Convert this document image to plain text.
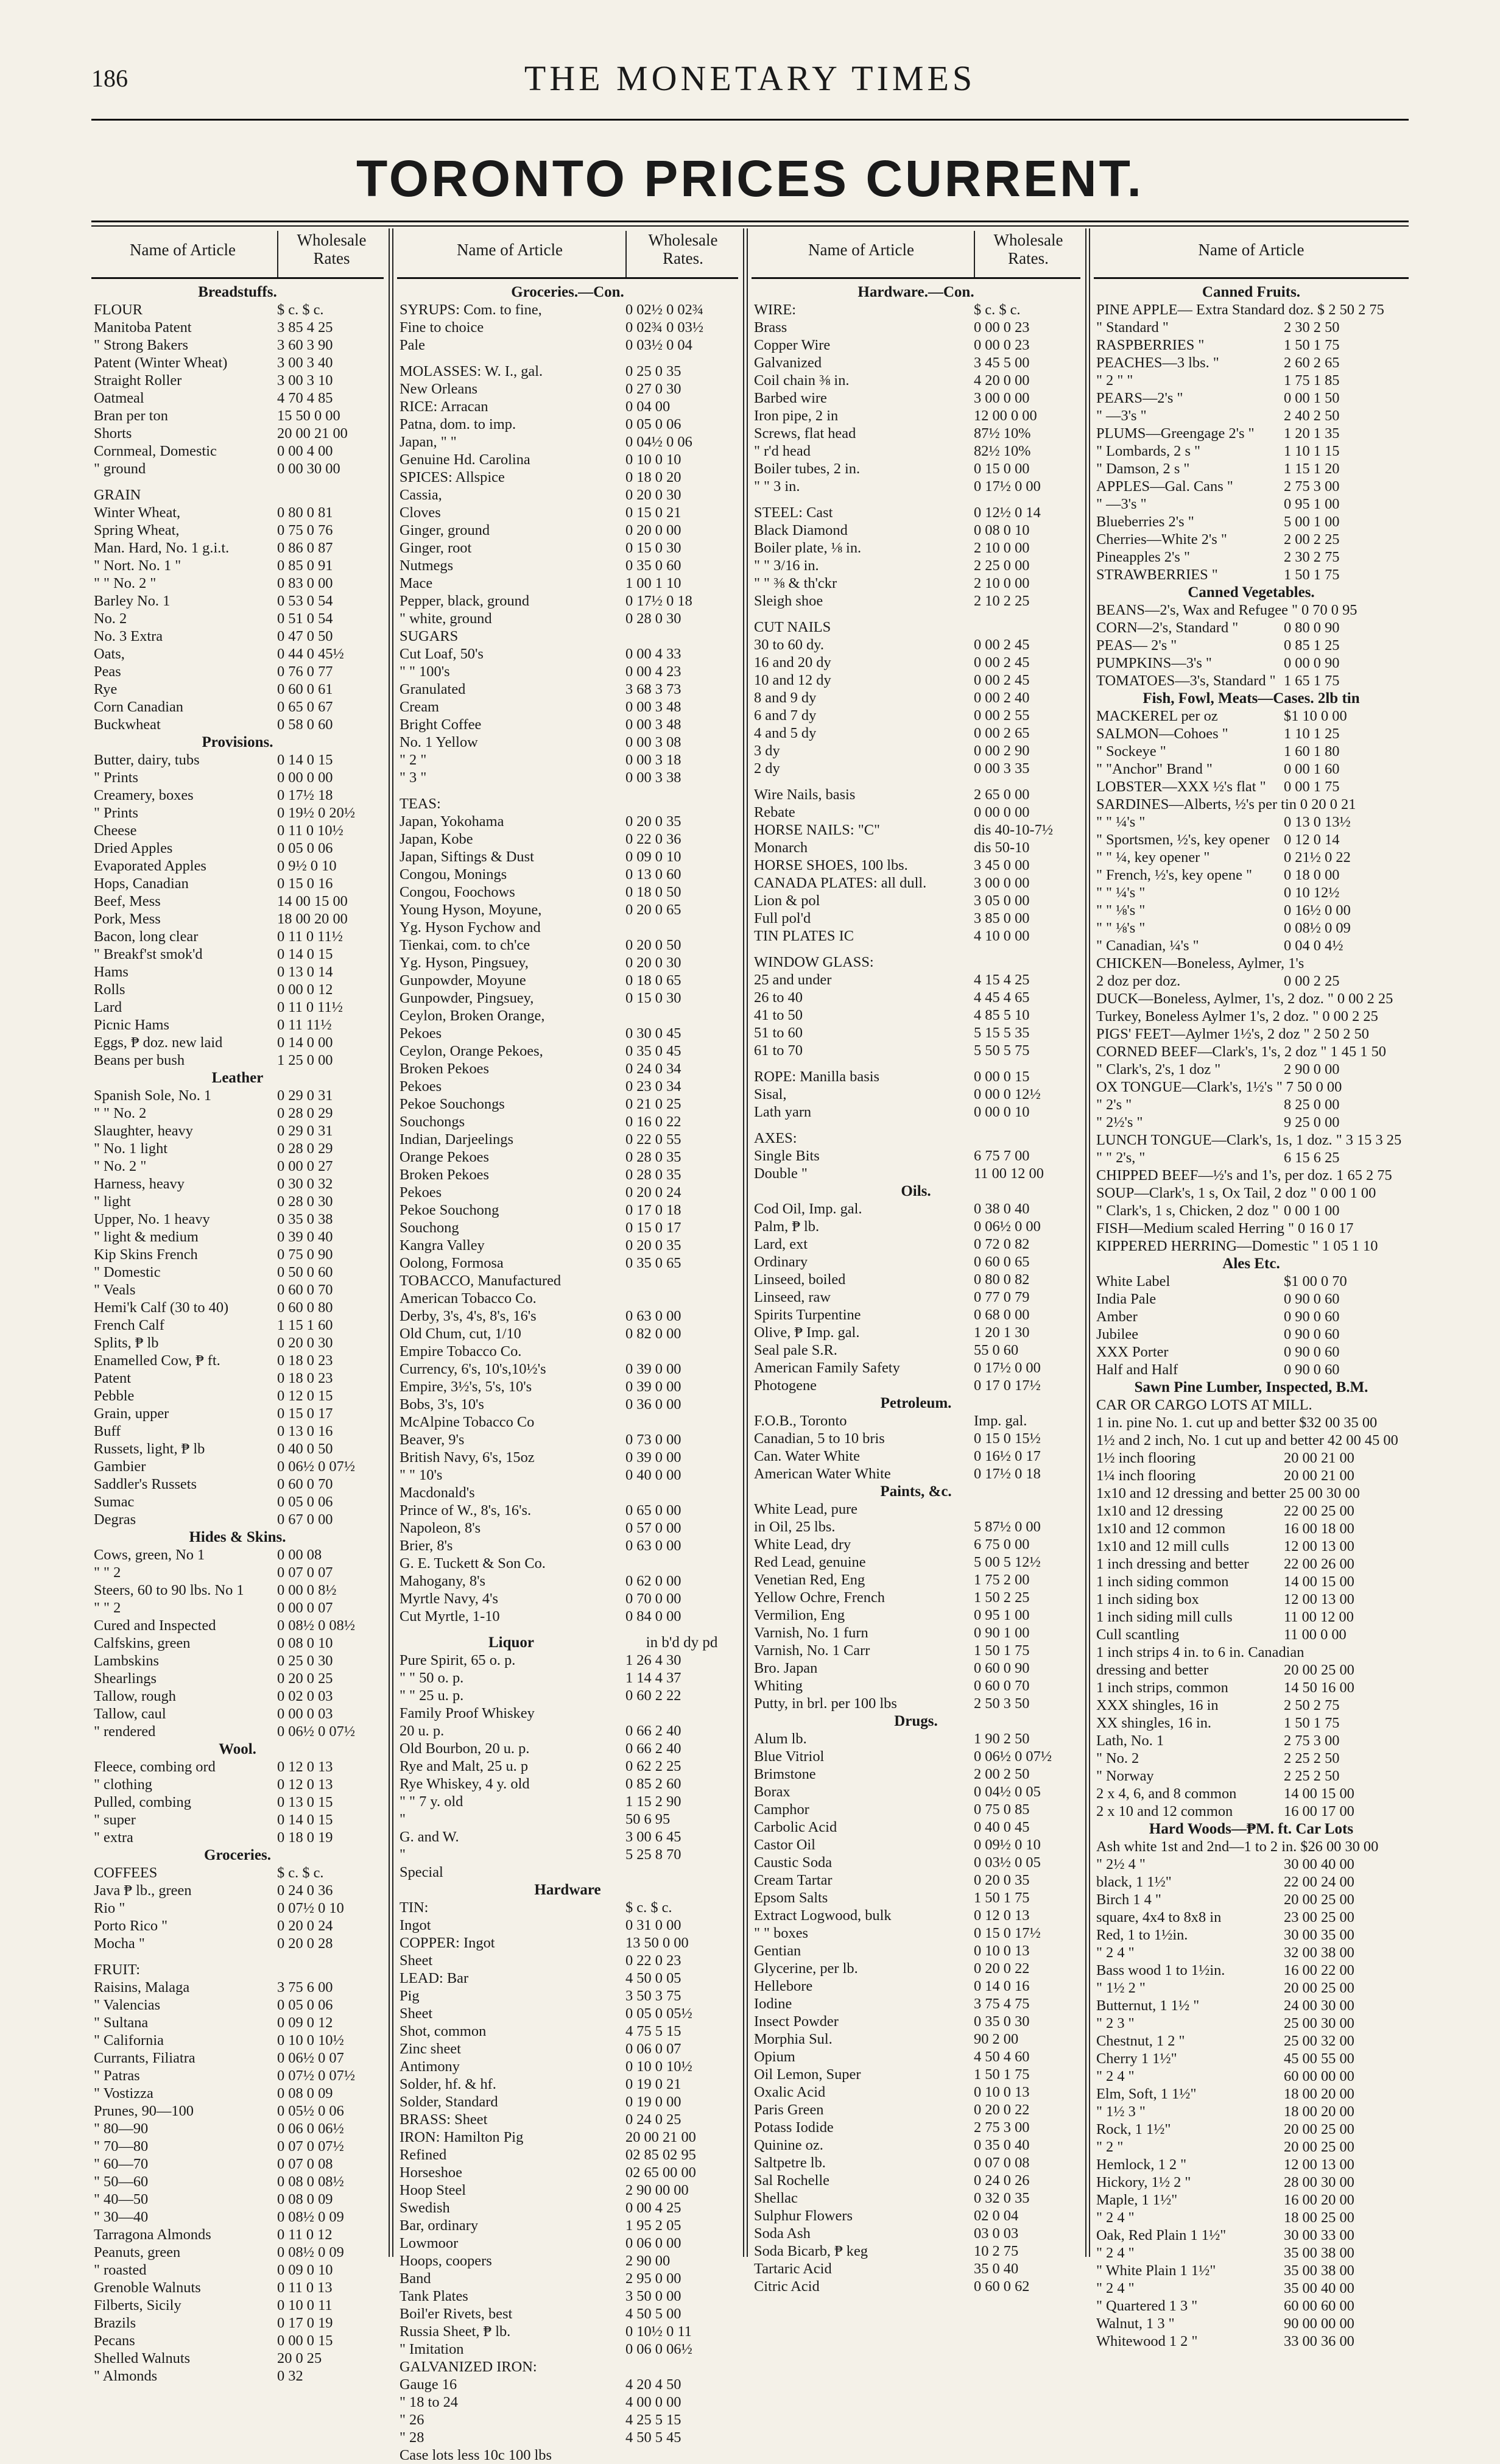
186	THE MONETARY TIMES
TORONTO PRICES CURRENT.
Name of Article
Wholesale Rates
Breadstuffs.
FLOUR	$ c. $ c.
Manitoba Patent	3 85 4 25
" Strong Bakers	3 60 3 90
Patent (Winter Wheat)	3 00 3 40
Straight Roller	3 00 3 10
Oatmeal	4 70 4 85
Bran per ton	15 50 0 00
Shorts	20 00 21 00
Cornmeal, Domestic	0 00 4 00
" ground	0 00 30 00
GRAIN
Winter Wheat,	0 80 0 81
Spring Wheat,	0 75 0 76
Man. Hard, No. 1 g.i.t.	0 86 0 87
" Nort. No. 1 "	0 85 0 91
" " No. 2 "	0 83 0 00
Barley No. 1	0 53 0 54
No. 2	0 51 0 54
No. 3 Extra	0 47 0 50
Oats,	0 44 0 45½
Peas	0 76 0 77
Rye	0 60 0 61
Corn Canadian	0 65 0 67
Buckwheat	0 58 0 60
Provisions.
Butter, dairy, tubs	0 14 0 15
" Prints	0 00 0 00
Creamery, boxes	0 17½ 18
" Prints	0 19½ 0 20½
Cheese	0 11 0 10½
Dried Apples	0 05 0 06
Evaporated Apples	0 9½ 0 10
Hops, Canadian	0 15 0 16
Beef, Mess	14 00 15 00
Pork, Mess	18 00 20 00
Bacon, long clear	0 11 0 11½
" Breakf'st smok'd	0 14 0 15
Hams	0 13 0 14
Rolls	0 00 0 12
Lard	0 11 0 11½
Picnic Hams	0 11 11½
Eggs, ₱ doz. new laid	0 14 0 00
Beans per bush	1 25 0 00
Leather
Spanish Sole, No. 1	0 29 0 31
" " No. 2	0 28 0 29
Slaughter, heavy	0 29 0 31
" No. 1 light	0 28 0 29
" No. 2 "	0 00 0 27
Harness, heavy	0 30 0 32
" light	0 28 0 30
Upper, No. 1 heavy	0 35 0 38
" light & medium	0 39 0 40
Kip Skins French	0 75 0 90
" Domestic	0 50 0 60
" Veals	0 60 0 70
Hemi'k Calf (30 to 40)	0 60 0 80
French Calf	1 15 1 60
Splits, ₱ lb	0 20 0 30
Enamelled Cow, ₱ ft.	0 18 0 23
Patent	0 18 0 23
Pebble	0 12 0 15
Grain, upper	0 15 0 17
Buff	0 13 0 16
Russets, light, ₱ lb	0 40 0 50
Gambier	0 06½ 0 07½
Saddler's Russets	0 60 0 70
Sumac	0 05 0 06
Degras	0 67 0 00
Hides & Skins.
Cows, green, No 1	0 00 08
" " 2	0 07 0 07
Steers, 60 to 90 lbs. No 1	0 00 0 8½
" " 2	0 00 0 07
Cured and Inspected	0 08½ 0 08½
Calfskins, green	0 08 0 10
Lambskins	0 25 0 30
Shearlings	0 20 0 25
Tallow, rough	0 02 0 03
Tallow, caul	0 00 0 03
" rendered	0 06½ 0 07½
Wool.
Fleece, combing ord	0 12 0 13
" clothing	0 12 0 13
Pulled, combing	0 13 0 15
" super	0 14 0 15
" extra	0 18 0 19
Groceries.
COFFEES	$ c. $ c.
Java ₱ lb., green	0 24 0 36
Rio "	0 07½ 0 10
Porto Rico "	0 20 0 24
Mocha "	0 20 0 28
FRUIT:
Raisins, Malaga	3 75 6 00
" Valencias	0 05 0 06
" Sultana	0 09 0 12
" California	0 10 0 10½
Currants, Filiatra	0 06½ 0 07
" Patras	0 07½ 0 07½
" Vostizza	0 08 0 09
Prunes, 90—100	0 05½ 0 06
" 80—90	0 06 0 06½
" 70—80	0 07 0 07½
" 60—70	0 07 0 08
" 50—60	0 08 0 08½
" 40—50	0 08 0 09
" 30—40	0 08½ 0 09
Tarragona Almonds	0 11 0 12
Peanuts, green	0 08½ 0 09
" roasted	0 09 0 10
Grenoble Walnuts	0 11 0 13
Filberts, Sicily	0 10 0 11
Brazils	0 17 0 19
Pecans	0 00 0 15
Shelled Walnuts	20 0 25
" Almonds	0 32
Name of Article
Wholesale Rates.
Groceries.—Con.
SYRUPS: Com. to fine,	0 02½ 0 02¾
Fine to choice	0 02¾ 0 03½
Pale	0 03½ 0 04
MOLASSES: W. I., gal.	0 25 0 35
New Orleans	0 27 0 30
RICE: Arracan	0 04 00
Patna, dom. to imp.	0 05 0 06
Japan, " "	0 04½ 0 06
Genuine Hd. Carolina	0 10 0 10
SPICES: Allspice	0 18 0 20
Cassia,	0 20 0 30
Cloves	0 15 0 21
Ginger, ground	0 20 0 00
Ginger, root	0 15 0 30
Nutmegs	0 35 0 60
Mace	1 00 1 10
Pepper, black, ground	0 17½ 0 18
" white, ground	0 28 0 30
SUGARS
Cut Loaf, 50's	0 00 4 33
" " 100's	0 00 4 23
Granulated	3 68 3 73
Cream	0 00 3 48
Bright Coffee	0 00 3 48
No. 1 Yellow	0 00 3 08
" 2 "	0 00 3 18
" 3 "	0 00 3 38
TEAS:
Japan, Yokohama	0 20 0 35
Japan, Kobe	0 22 0 36
Japan, Siftings & Dust	0 09 0 10
Congou, Monings	0 13 0 60
Congou, Foochows	0 18 0 50
Young Hyson, Moyune,	0 20 0 65
Yg. Hyson Fychow and
Tienkai, com. to ch'ce	0 20 0 50
Yg. Hyson, Pingsuey,	0 20 0 30
Gunpowder, Moyune	0 18 0 65
Gunpowder, Pingsuey,	0 15 0 30
Ceylon, Broken Orange,
Pekoes	0 30 0 45
Ceylon, Orange Pekoes,	0 35 0 45
Broken Pekoes	0 24 0 34
Pekoes	0 23 0 34
Pekoe Souchongs	0 21 0 25
Souchongs	0 16 0 22
Indian, Darjeelings	0 22 0 55
Orange Pekoes	0 28 0 35
Broken Pekoes	0 28 0 35
Pekoes	0 20 0 24
Pekoe Souchong	0 17 0 18
Souchong	0 15 0 17
Kangra Valley	0 20 0 35
Oolong, Formosa	0 35 0 65
TOBACCO, Manufactured
American Tobacco Co.
Derby, 3's, 4's, 8's, 16's	0 63 0 00
Old Chum, cut, 1/10	0 82 0 00
Empire Tobacco Co.
Currency, 6's, 10's,10½'s	0 39 0 00
Empire, 3½'s, 5's, 10's	0 39 0 00
Bobs, 3's, 10's	0 36 0 00
McAlpine Tobacco Co
Beaver, 9's	0 73 0 00
British Navy, 6's, 15oz	0 39 0 00
" " 10's	0 40 0 00
Macdonald's
Prince of W., 8's, 16's.	0 65 0 00
Napoleon, 8's	0 57 0 00
Brier, 8's	0 63 0 00
G. E. Tuckett & Son Co.
Mahogany, 8's	0 62 0 00
Myrtle Navy, 4's	0 70 0 00
Cut Myrtle, 1-10	0 84 0 00
Liquor	in b'd dy pd
Pure Spirit, 65 o. p.	1 26 4 30
" " 50 o. p.	1 14 4 37
" " 25 u. p.	0 60 2 22
Family Proof Whiskey
20 u. p.	0 66 2 40
Old Bourbon, 20 u. p.	0 66 2 40
Rye and Malt, 25 u. p	0 62 2 25
Rye Whiskey, 4 y. old	0 85 2 60
" " 7 y. old	1 15 2 90
"	50 6 95
G. and W.	3 00 6 45
"	5 25 8 70
Special
Hardware
TIN:	$ c. $ c.
Ingot	0 31 0 00
COPPER: Ingot	13 50 0 00
Sheet	0 22 0 23
LEAD: Bar	4 50 0 05
Pig	3 50 3 75
Sheet	0 05 0 05½
Shot, common	4 75 5 15
Zinc sheet	0 06 0 07
Antimony	0 10 0 10½
Solder, hf. & hf.	0 19 0 21
Solder, Standard	0 19 0 00
BRASS: Sheet	0 24 0 25
IRON: Hamilton Pig	20 00 21 00
Refined	02 85 02 95
Horseshoe	02 65 00 00
Hoop Steel	2 90 00 00
Swedish	0 00 4 25
Bar, ordinary	1 95 2 05
Lowmoor	0 06 0 00
Hoops, coopers	2 90 00
Band	2 95 0 00
Tank Plates	3 50 0 00
Boil'er Rivets, best	4 50 5 00
Russia Sheet, ₱ lb.	0 10½ 0 11
" Imitation	0 06 0 06½
GALVANIZED IRON:
Gauge 16	4 20 4 50
" 18 to 24	4 00 0 00
" 26	4 25 5 15
" 28	4 50 5 45
Case lots less 10c 100 lbs
Name of Article
Wholesale Rates.
Hardware.—Con.
WIRE:	$ c. $ c.
Brass	0 00 0 23
Copper Wire	0 00 0 23
Galvanized	3 45 5 00
Coil chain ⅜ in.	4 20 0 00
Barbed wire	3 00 0 00
Iron pipe, 2 in	12 00 0 00
Screws, flat head	87½ 10%
" r'd head	82½ 10%
Boiler tubes, 2 in.	0 15 0 00
" " 3 in.	0 17½ 0 00
STEEL: Cast	0 12½ 0 14
Black Diamond	0 08 0 10
Boiler plate, ⅛ in.	2 10 0 00
" " 3/16 in.	2 25 0 00
" " ⅜ & th'ckr	2 10 0 00
Sleigh shoe	2 10 2 25
CUT NAILS
30 to 60 dy.	0 00 2 45
16 and 20 dy	0 00 2 45
10 and 12 dy	0 00 2 45
8 and 9 dy	0 00 2 40
6 and 7 dy	0 00 2 55
4 and 5 dy	0 00 2 65
3 dy	0 00 2 90
2 dy	0 00 3 35
Wire Nails, basis	2 65 0 00
Rebate	0 00 0 00
HORSE NAILS: "C"	dis 40-10-7½
Monarch	dis 50-10
HORSE SHOES, 100 lbs.	3 45 0 00
CANADA PLATES: all dull.	3 00 0 00
Lion & pol	3 05 0 00
Full pol'd	3 85 0 00
TIN PLATES IC	4 10 0 00
WINDOW GLASS:
25 and under	4 15 4 25
26 to 40	4 45 4 65
41 to 50	4 85 5 10
51 to 60	5 15 5 35
61 to 70	5 50 5 75
ROPE: Manilla basis	0 00 0 15
Sisal,	0 00 0 12½
Lath yarn	0 00 0 10
AXES:
Single Bits	6 75 7 00
Double "	11 00 12 00
Oils.
Cod Oil, Imp. gal.	0 38 0 40
Palm, ₱ lb.	0 06½ 0 00
Lard, ext	0 72 0 82
Ordinary	0 60 0 65
Linseed, boiled	0 80 0 82
Linseed, raw	0 77 0 79
Spirits Turpentine	0 68 0 00
Olive, ₱ Imp. gal.	1 20 1 30
Seal pale S.R.	55 0 60
American Family Safety	0 17½ 0 00
Photogene	0 17 0 17½
Petroleum.
F.O.B., Toronto	Imp. gal.
Canadian, 5 to 10 bris	0 15 0 15½
Can. Water White	0 16½ 0 17
American Water White	0 17½ 0 18
Paints, &c.
White Lead, pure
in Oil, 25 lbs.	5 87½ 0 00
White Lead, dry	6 75 0 00
Red Lead, genuine	5 00 5 12½
Venetian Red, Eng	1 75 2 00
Yellow Ochre, French	1 50 2 25
Vermilion, Eng	0 95 1 00
Varnish, No. 1 furn	0 90 1 00
Varnish, No. 1 Carr	1 50 1 75
Bro. Japan	0 60 0 90
Whiting	0 60 0 70
Putty, in brl. per 100 lbs	2 50 3 50
Drugs.
Alum lb.	1 90 2 50
Blue Vitriol	0 06½ 0 07½
Brimstone	2 00 2 50
Borax	0 04½ 0 05
Camphor	0 75 0 85
Carbolic Acid	0 40 0 45
Castor Oil	0 09½ 0 10
Caustic Soda	0 03½ 0 05
Cream Tartar	0 20 0 35
Epsom Salts	1 50 1 75
Extract Logwood, bulk	0 12 0 13
" " boxes	0 15 0 17½
Gentian	0 10 0 13
Glycerine, per lb.	0 20 0 22
Hellebore	0 14 0 16
Iodine	3 75 4 75
Insect Powder	0 35 0 30
Morphia Sul.	90 2 00
Opium	4 50 4 60
Oil Lemon, Super	1 50 1 75
Oxalic Acid	0 10 0 13
Paris Green	0 20 0 22
Potass Iodide	2 75 3 00
Quinine oz.	0 35 0 40
Saltpetre lb.	0 07 0 08
Sal Rochelle	0 24 0 26
Shellac	0 32 0 35
Sulphur Flowers	02 0 04
Soda Ash	03 0 03
Soda Bicarb, ₱ keg	10 2 75
Tartaric Acid	35 0 40
Citric Acid	0 60 0 62
Name of Article
Canned Fruits.
PINE APPLE— Extra Standard doz. $ 2 50 2 75
" Standard "	2 30 2 50
RASPBERRIES "	1 50 1 75
PEACHES—3 lbs. "	2 60 2 65
" 2 " "	1 75 1 85
PEARS—2's "	0 00 1 50
" —3's "	2 40 2 50
PLUMS—Greengage 2's "	1 20 1 35
" Lombards, 2 s "	1 10 1 15
" Damson, 2 s "	1 15 1 20
APPLES—Gal. Cans "	2 75 3 00
" —3's "	0 95 1 00
Blueberries 2's "	5 00 1 00
Cherries—White 2's "	2 00 2 25
Pineapples 2's "	2 30 2 75
STRAWBERRIES "	1 50 1 75
Canned Vegetables.
BEANS—2's, Wax and Refugee " 0 70 0 95
CORN—2's, Standard "	0 80 0 90
PEAS— 2's "	0 85 1 25
PUMPKINS—3's "	0 00 0 90
TOMATOES—3's, Standard " 1 65 1 75
Fish, Fowl, Meats—Cases. 2lb tin
MACKEREL per oz	$1 10 0 00
SALMON—Cohoes "	1 10 1 25
" Sockeye "	1 60 1 80
" "Anchor" Brand "	0 00 1 60
LOBSTER—XXX ½'s flat "	0 00 1 75
SARDINES—Alberts, ½'s per tin 0 20 0 21
" " ¼'s "	0 13 0 13½
" Sportsmen, ½'s, key opener 0 12 0 14
" " ¼, key opener "	0 21½ 0 22
" French, ½'s, key opene "	0 18 0 00
" " ¼'s "	0 10 12½
" " ⅛'s "	0 16½ 0 00
" " ⅛'s "	0 08½ 0 09
" Canadian, ¼'s "	0 04 0 4½
CHICKEN—Boneless, Aylmer, 1's
2 doz per doz.	0 00 2 25
DUCK—Boneless, Aylmer, 1's, 2 doz. " 0 00 2 25
Turkey, Boneless Aylmer 1's, 2 doz. " 0 00 2 25
PIGS' FEET—Aylmer 1½'s, 2 doz " 2 50 2 50
CORNED BEEF—Clark's, 1's, 2 doz " 1 45 1 50
" Clark's, 2's, 1 doz "	2 90 0 00
OX TONGUE—Clark's, 1½'s " 7 50 0 00
" 2's "	8 25 0 00
" 2½'s "	9 25 0 00
LUNCH TONGUE—Clark's, 1s, 1 doz. " 3 15 3 25
" " 2's, "	6 15 6 25
CHIPPED BEEF—½'s and 1's, per doz. 1 65 2 75
SOUP—Clark's, 1 s, Ox Tail, 2 doz " 0 00 1 00
" Clark's, 1 s, Chicken, 2 doz " 0 00 1 00
FISH—Medium scaled Herring " 0 16 0 17
KIPPERED HERRING—Domestic " 1 05 1 10
Ales Etc.
White Label	$1 00 0 70
India Pale	0 90 0 60
Amber	0 90 0 60
Jubilee	0 90 0 60
XXX Porter	0 90 0 60
Half and Half	0 90 0 60
Sawn Pine Lumber, Inspected, B.M.
CAR OR CARGO LOTS AT MILL.
1 in. pine No. 1. cut up and better $32 00 35 00
1½ and 2 inch, No. 1 cut up and better 42 00 45 00
1½ inch flooring	20 00 21 00
1¼ inch flooring	20 00 21 00
1x10 and 12 dressing and better 25 00 30 00
1x10 and 12 dressing	22 00 25 00
1x10 and 12 common	16 00 18 00
1x10 and 12 mill culls	12 00 13 00
1 inch dressing and better	22 00 26 00
1 inch siding common	14 00 15 00
1 inch siding box	12 00 13 00
1 inch siding mill culls	11 00 12 00
Cull scantling	11 00 0 00
1 inch strips 4 in. to 6 in. Canadian
dressing and better	20 00 25 00
1 inch strips, common	14 50 16 00
XXX shingles, 16 in	2 50 2 75
XX shingles, 16 in.	1 50 1 75
Lath, No. 1	2 75 3 00
" No. 2	2 25 2 50
" Norway	2 25 2 50
2 x 4, 6, and 8 common	14 00 15 00
2 x 10 and 12 common	16 00 17 00
Hard Woods—₱M. ft. Car Lots
Ash white 1st and 2nd—1 to 2 in. $26 00 30 00
" 2½ 4 "	30 00 40 00
black, 1 1½"	22 00 24 00
Birch 1 4 "	20 00 25 00
square, 4x4 to 8x8 in	23 00 25 00
Red, 1 to 1½in.	30 00 35 00
" 2 4 "	32 00 38 00
Bass wood 1 to 1½in.	16 00 22 00
" 1½ 2 "	20 00 25 00
Butternut, 1 1½ "	24 00 30 00
" 2 3 "	25 00 30 00
Chestnut, 1 2 "	25 00 32 00
Cherry 1 1½"	45 00 55 00
" 2 4 "	60 00 00 00
Elm, Soft, 1 1½"	18 00 20 00
" 1½ 3 "	18 00 20 00
Rock, 1 1½"	20 00 25 00
" 2 "	20 00 25 00
Hemlock, 1 2 "	12 00 13 00
Hickory, 1½ 2 "	28 00 30 00
Maple, 1 1½"	16 00 20 00
" 2 4 "	18 00 25 00
Oak, Red Plain 1 1½"	30 00 33 00
" 2 4 "	35 00 38 00
" White Plain 1 1½"	35 00 38 00
" 2 4 "	35 00 40 00
" Quartered 1 3 "	60 00 60 00
Walnut, 1 3 "	90 00 00 00
Whitewood 1 2 "	33 00 36 00
